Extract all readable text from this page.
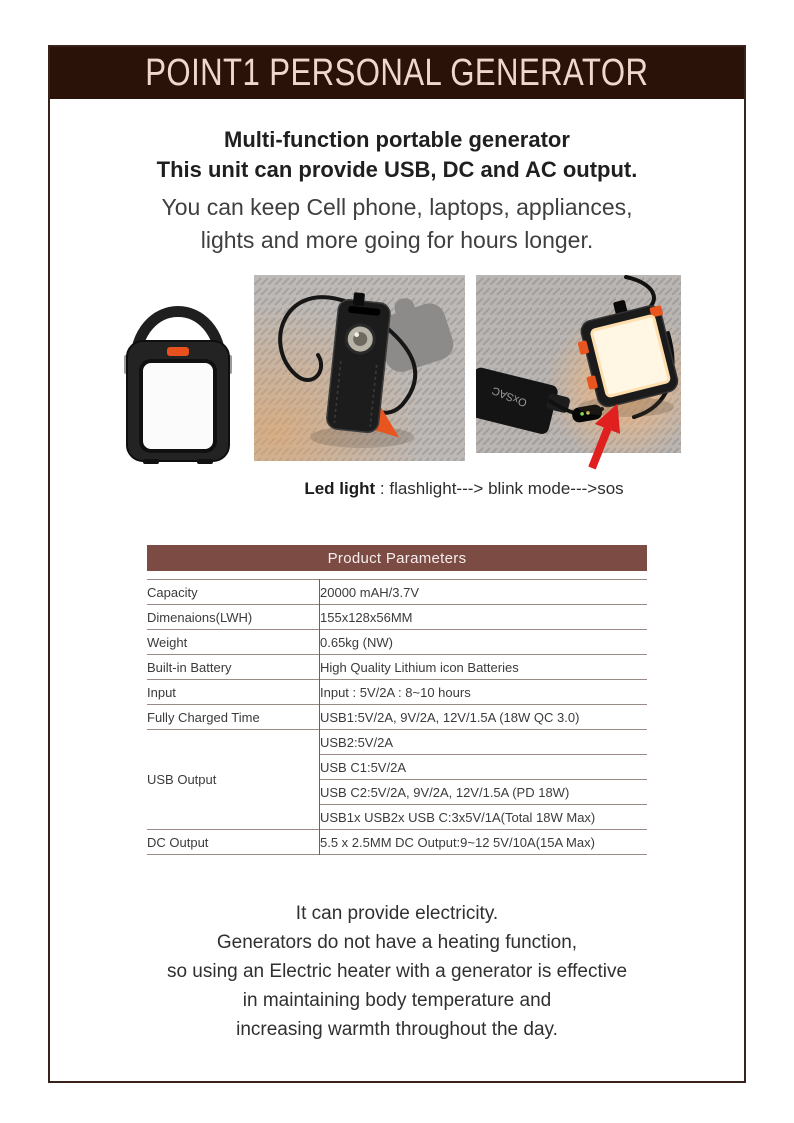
POINT1 PERSONAL GENERATOR
Multi-function portable generator
This unit can provide USB, DC and AC output.
You can keep Cell phone, laptops, appliances,
lights and more going for hours longer.
OxSAC
Led light : flashlight---> blink mode--->sos
Product Parameters
Capacity	20000 mAH/3.7V
Dimenaions(LWH)	155x128x56MM
Weight	0.65kg (NW)
Built-in Battery	High Quality Lithium icon Batteries
Input	Input : 5V/2A : 8~10 hours
Fully Charged Time	USB1:5V/2A, 9V/2A, 12V/1.5A (18W QC 3.0)
USB Output	USB2:5V/2A
	USB C1:5V/2A
	USB C2:5V/2A, 9V/2A, 12V/1.5A (PD 18W)
	USB1x USB2x USB C:3x5V/1A(Total 18W Max)
DC Output	5.5 x 2.5MM DC Output:9~12 5V/10A(15A Max)
It can provide electricity.
Generators do not have a heating function,
so using an Electric heater with a generator is effective
in maintaining body temperature and
increasing warmth throughout the day.
